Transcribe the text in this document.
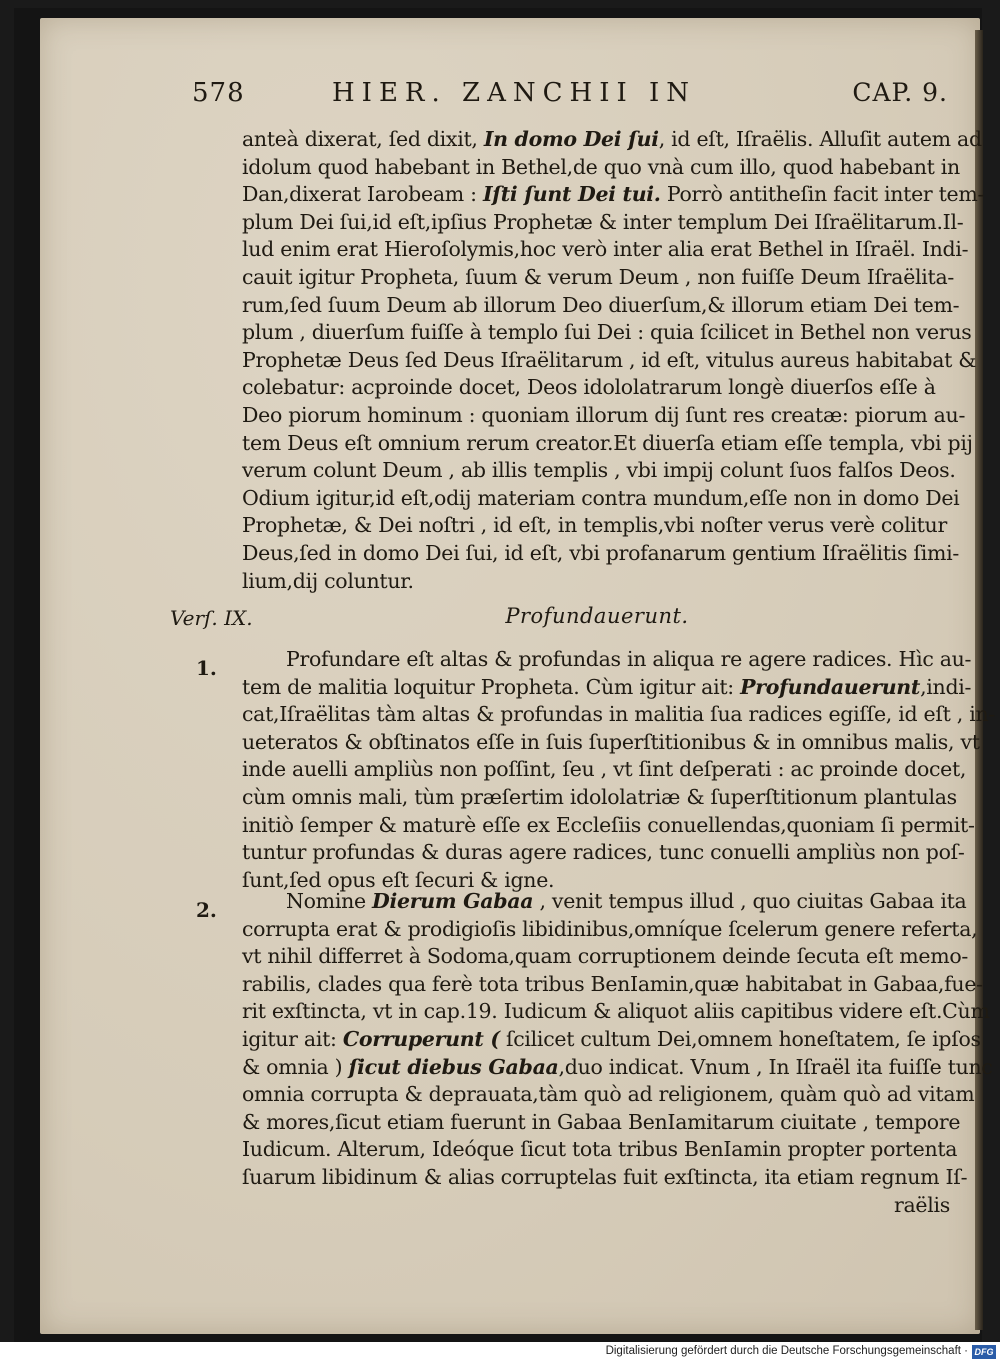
578	HIER. ZANCHII IN	CAP. 9.
anteà dixerat, ſed dixit, In domo Dei ſui, id eſt, Iſraëlis. Alluſit autem ad
idolum quod habebant in Bethel,de quo vnà cum illo, quod habebant in
Dan,dixerat Iarobeam : Iſti ſunt Dei tui. Porrò antitheſin facit inter tem-
plum Dei ſui,id eſt,ipſius Prophetæ & inter templum Dei Iſraëlitarum.Il-
lud enim erat Hieroſolymis,hoc verò inter alia erat Bethel in Iſraël. Indi-
cauit igitur Propheta, ſuum & verum Deum , non fuiſſe Deum Iſraëlita-
rum,ſed ſuum Deum ab illorum Deo diuerſum,& illorum etiam Dei tem-
plum , diuerſum fuiſſe à templo ſui Dei : quia ſcilicet in Bethel non verus
Prophetæ Deus ſed Deus Iſraëlitarum , id eſt, vitulus aureus habitabat &
colebatur: acproinde docet, Deos idololatrarum longè diuerſos eſſe à
Deo piorum hominum : quoniam illorum dij ſunt res creatæ: piorum au-
tem Deus eſt omnium rerum creator.Et diuerſa etiam eſſe templa, vbi pij
verum colunt Deum , ab illis templis , vbi impij colunt ſuos falſos Deos.
Odium igitur,id eſt,odij materiam contra mundum,eſſe non in domo Dei
Prophetæ, & Dei noſtri , id eſt, in templis,vbi noſter verus verè colitur
Deus,ſed in domo Dei ſui, id eſt, vbi profanarum gentium Iſraëlitis ſimi-
lium,dij coluntur.
Verſ. IX.	Profundauerunt.
1.	Profundare eſt altas & profundas in aliqua re agere radices. Hìc au-
tem de malitia loquitur Propheta. Cùm igitur ait: Profundauerunt,indi-
cat,Iſraëlitas tàm altas & profundas in malitia ſua radices egiſſe, id eſt , in-
ueteratos & obſtinatos eſſe in ſuis ſuperſtitionibus & in omnibus malis, vt
inde auelli ampliùs non poſſint, ſeu , vt ſint deſperati : ac proinde docet,
cùm omnis mali, tùm præſertim idololatriæ & ſuperſtitionum plantulas
initiò ſemper & maturè eſſe ex Eccleſiis conuellendas,quoniam ſi permit-
tuntur profundas & duras agere radices, tunc conuelli ampliùs non poſ-
ſunt,ſed opus eſt ſecuri & igne.
2.	Nomine Dierum Gabaa , venit tempus illud , quo ciuitas Gabaa ita
corrupta erat & prodigioſis libidinibus,omníque ſcelerum genere referta,
vt nihil differret à Sodoma,quam corruptionem deinde ſecuta eſt memo-
rabilis, clades qua ferè tota tribus BenIamin,quæ habitabat in Gabaa,fue-
rit exſtincta, vt in cap.19. Iudicum & aliquot aliis capitibus videre eſt.Cùm
igitur ait: Corruperunt ( ſcilicet cultum Dei,omnem honeſtatem, ſe ipſos
& omnia ) ſicut diebus Gabaa,duo indicat. Vnum , In Iſraël ita fuiſſe tunc
omnia corrupta & deprauata,tàm quò ad religionem, quàm quò ad vitam
& mores,ſicut etiam fuerunt in Gabaa BenIamitarum ciuitate , tempore
Iudicum. Alterum, Ideóque ſicut tota tribus BenIamin propter portenta
ſuarum libidinum & alias corruptelas fuit exſtincta, ita etiam regnum Iſ-
raëlis
Digitalisierung gefördert durch die Deutsche Forschungsgemeinschaft · DFG
